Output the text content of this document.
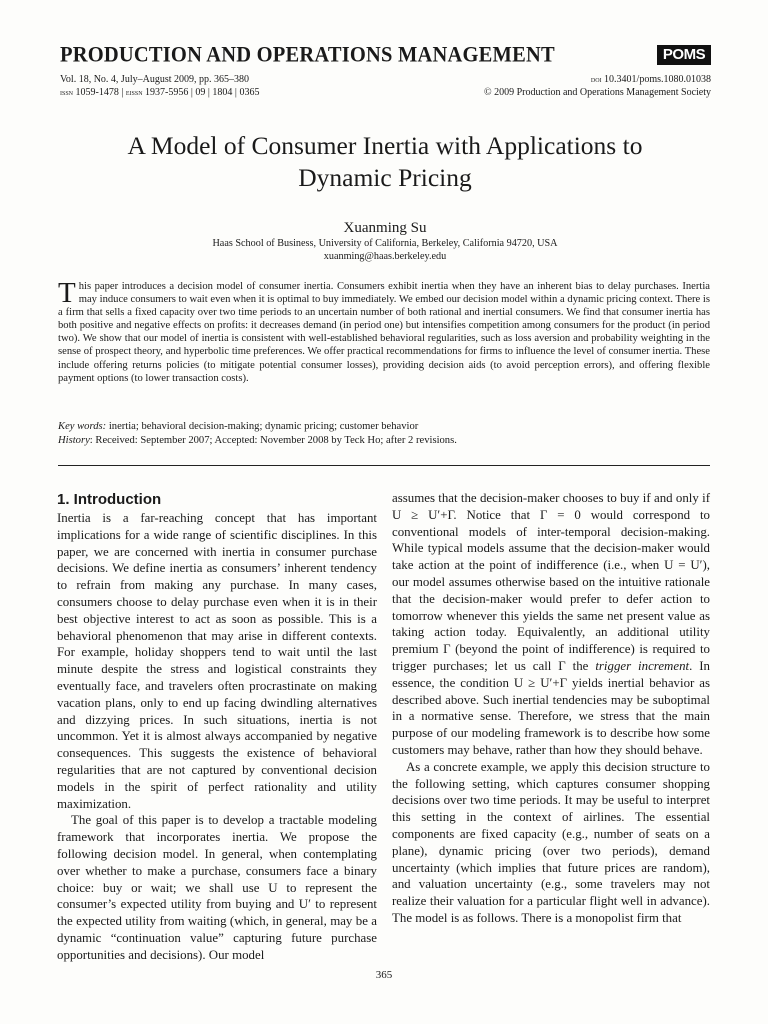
PRODUCTION AND OPERATIONS MANAGEMENT	POMS
Vol. 18, No. 4, July–August 2009, pp. 365–380
issn 1059-1478 | eissn 1937-5956 | 09 | 1804 | 0365
doi 10.3401/poms.1080.01038
© 2009 Production and Operations Management Society
A Model of Consumer Inertia with Applications to
Dynamic Pricing
Xuanming Su
Haas School of Business, University of California, Berkeley, California 94720, USA
xuanming@haas.berkeley.edu
This paper introduces a decision model of consumer inertia. Consumers exhibit inertia when they have an inherent bias to delay purchases. Inertia may induce consumers to wait even when it is optimal to buy immediately. We embed our decision model within a dynamic pricing context. There is a firm that sells a fixed capacity over two time periods to an uncertain number of both rational and inertial consumers. We find that consumer inertia has both positive and negative effects on profits: it decreases demand (in period one) but intensifies competition among consumers for the product (in period two). We show that our model of inertia is consistent with well-established behavioral regularities, such as loss aversion and probability weighting in the sense of prospect theory, and hyperbolic time preferences. We offer practical recommendations for firms to influence the level of consumer inertia. These include offering returns policies (to mitigate potential consumer losses), providing decision aids (to avoid perception errors), and offering flexible payment options (to lower transaction costs).
Key words: inertia; behavioral decision-making; dynamic pricing; customer behavior
History: Received: September 2007; Accepted: November 2008 by Teck Ho; after 2 revisions.
1. Introduction

Inertia is a far-reaching concept that has important implications for a wide range of scientific disciplines. In this paper, we are concerned with inertia in consumer purchase decisions. We define inertia as consumers’ inherent tendency to refrain from making any purchase. In many cases, consumers choose to delay purchase even when it is in their best objective interest to act as soon as possible. This is a behavioral phenomenon that may arise in different contexts. For example, holiday shoppers tend to wait until the last minute despite the stress and logistical constraints they eventually face, and travelers often procrastinate on making vacation plans, only to end up facing dwindling alternatives and dizzying prices. In such situations, inertia is not uncommon. Yet it is almost always accompanied by negative consequences. This suggests the existence of behavioral regularities that are not captured by conventional decision models in the spirit of perfect rationality and utility maximization.

The goal of this paper is to develop a tractable modeling framework that incorporates inertia. We propose the following decision model. In general, when contemplating over whether to make a purchase, consumers face a binary choice: buy or wait; we shall use U to represent the consumer’s expected utility from buying and U′ to represent the expected utility from waiting (which, in general, may be a dynamic “continuation value” capturing future purchase opportunities and decisions). Our model

assumes that the decision-maker chooses to buy if and only if U ≥ U′+Γ. Notice that Γ = 0 would correspond to conventional models of inter-temporal decision-making. While typical models assume that the decision-maker would take action at the point of indifference (i.e., when U = U′), our model assumes otherwise based on the intuitive rationale that the decision-maker would prefer to defer action to tomorrow whenever this yields the same net present value as taking action today. Equivalently, an additional utility premium Γ (beyond the point of indifference) is required to trigger purchases; let us call Γ the trigger increment. In essence, the condition U ≥ U′+Γ yields inertial behavior as described above. Such inertial tendencies may be suboptimal in a normative sense. Therefore, we stress that the main purpose of our modeling framework is to describe how some customers may behave, rather than how they should behave.

As a concrete example, we apply this decision structure to the following setting, which captures consumer shopping decisions over two time periods. It may be useful to interpret this setting in the context of airlines. The essential components are fixed capacity (e.g., number of seats on a plane), dynamic pricing (over two periods), demand uncertainty (which implies that future prices are random), and valuation uncertainty (e.g., some travelers may not realize their valuation for a particular flight well in advance). The model is as follows. There is a monopolist firm that

365
